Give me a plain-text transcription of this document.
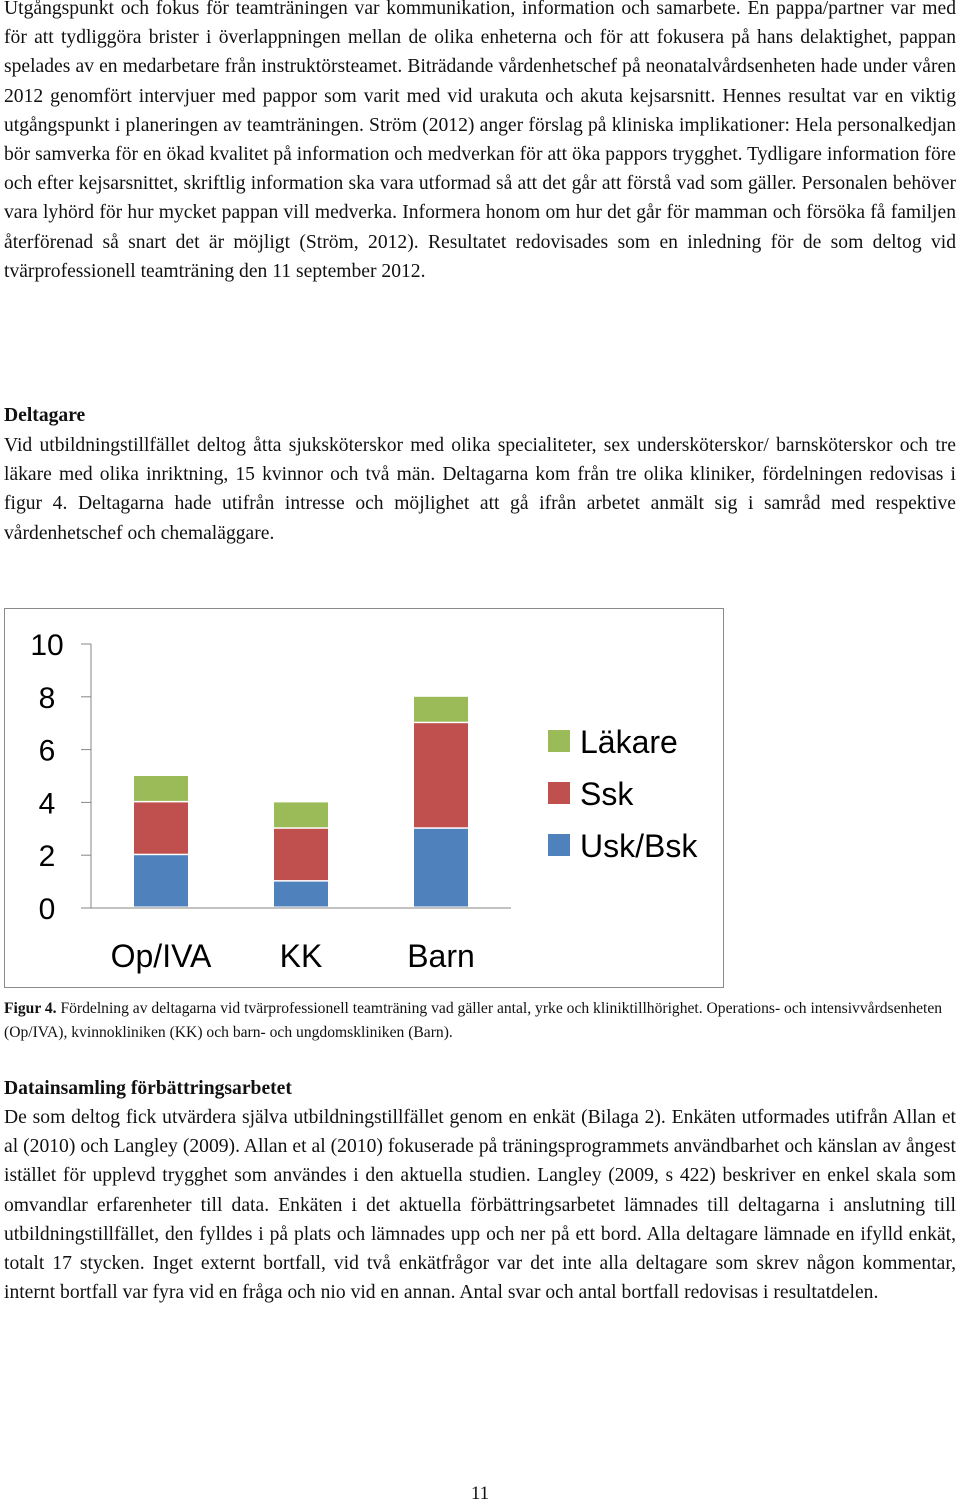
Utgångspunkt och fokus för teamträningen var kommunikation, information och samarbete. En pappa/partner var med för att tydliggöra brister i överlappningen mellan de olika enheterna och för att fokusera på hans delaktighet, pappan spelades av en medarbetare från instruktörsteamet. Biträdande vårdenhetschef på neonatalvårdsenheten hade under våren 2012 genomfört intervjuer med pappor som varit med vid urakuta och akuta kejsarsnitt. Hennes resultat var en viktig utgångspunkt i planeringen av teamträningen. Ström (2012) anger förslag på kliniska implikationer: Hela personalkedjan bör samverka för en ökad kvalitet på information och medverkan för att öka pappors trygghet. Tydligare information före och efter kejsarsnittet, skriftlig information ska vara utformad så att det går att förstå vad som gäller. Personalen behöver vara lyhörd för hur mycket pappan vill medverka. Informera honom om hur det går för mamman och försöka få familjen återförenad så snart det är möjligt (Ström, 2012). Resultatet redovisades som en inledning för de som deltog vid tvärprofessionell teamträning den 11 september 2012.

Deltagare

Vid utbildningstillfället deltog åtta sjuksköterskor med olika specialiteter, sex undersköterskor/ barnsköterskor och tre läkare med olika inriktning, 15 kvinnor och två män. Deltagarna kom från tre olika kliniker, fördelningen redovisas i figur 4. Deltagarna hade utifrån intresse och möjlighet att gå ifrån arbetet anmält sig i samråd med respektive vårdenhetschef och chemaläggare.

0
2
4
6
8
10
Op/IVA KK	Barn
Läkare
Ssk
Usk/Bsk

Figur 4. Fördelning av deltagarna vid tvärprofessionell teamträning vad gäller antal, yrke och kliniktillhörighet. Operations- och intensivvårdsenheten (Op/IVA), kvinnokliniken (KK) och barn- och ungdomskliniken (Barn).

Datainsamling förbättringsarbetet

De som deltog fick utvärdera själva utbildningstillfället genom en enkät (Bilaga 2). Enkäten utformades utifrån Allan et al (2010) och Langley (2009). Allan et al (2010) fokuserade på träningsprogrammets användbarhet och känslan av ångest istället för upplevd trygghet som användes i den aktuella studien. Langley (2009, s 422) beskriver en enkel skala som omvandlar erfarenheter till data. Enkäten i det aktuella förbättringsarbetet lämnades till deltagarna i anslutning till utbildningstillfället, den fylldes i på plats och lämnades upp och ner på ett bord. Alla deltagare lämnade en ifylld enkät, totalt 17 stycken. Inget externt bortfall, vid två enkätfrågor var det inte alla deltagare som skrev någon kommentar, internt bortfall var fyra vid en fråga och nio vid en annan. Antal svar och antal bortfall redovisas i resultatdelen.

11
